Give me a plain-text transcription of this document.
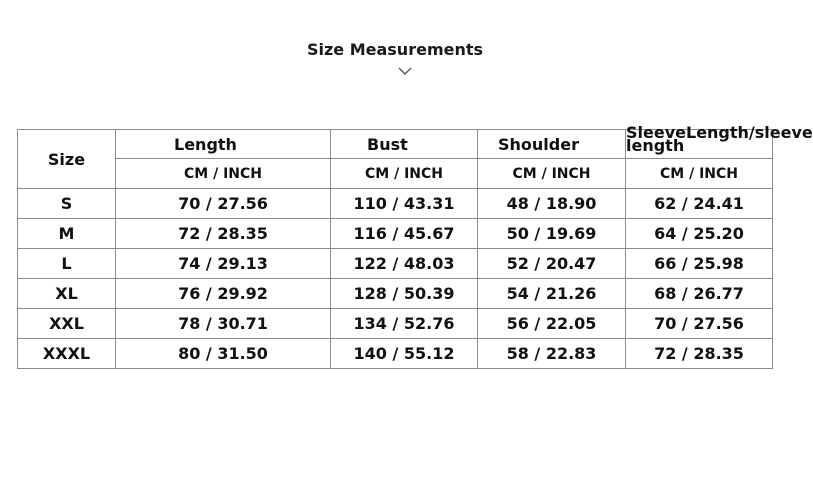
Size Measurements
Size	Length	Bust	Shoulder	SleeveLength/sleeve length

	CM / INCH	CM / INCH	CM / INCH	CM / INCH
S	70 / 27.56	110 / 43.31	48 / 18.90	62 / 24.41
M	72 / 28.35	116 / 45.67	50 / 19.69	64 / 25.20
L	74 / 29.13	122 / 48.03	52 / 20.47	66 / 25.98
XL	76 / 29.92	128 / 50.39	54 / 21.26	68 / 26.77
XXL	78 / 30.71	134 / 52.76	56 / 22.05	70 / 27.56
XXXL	80 / 31.50	140 / 55.12	58 / 22.83	72 / 28.35
